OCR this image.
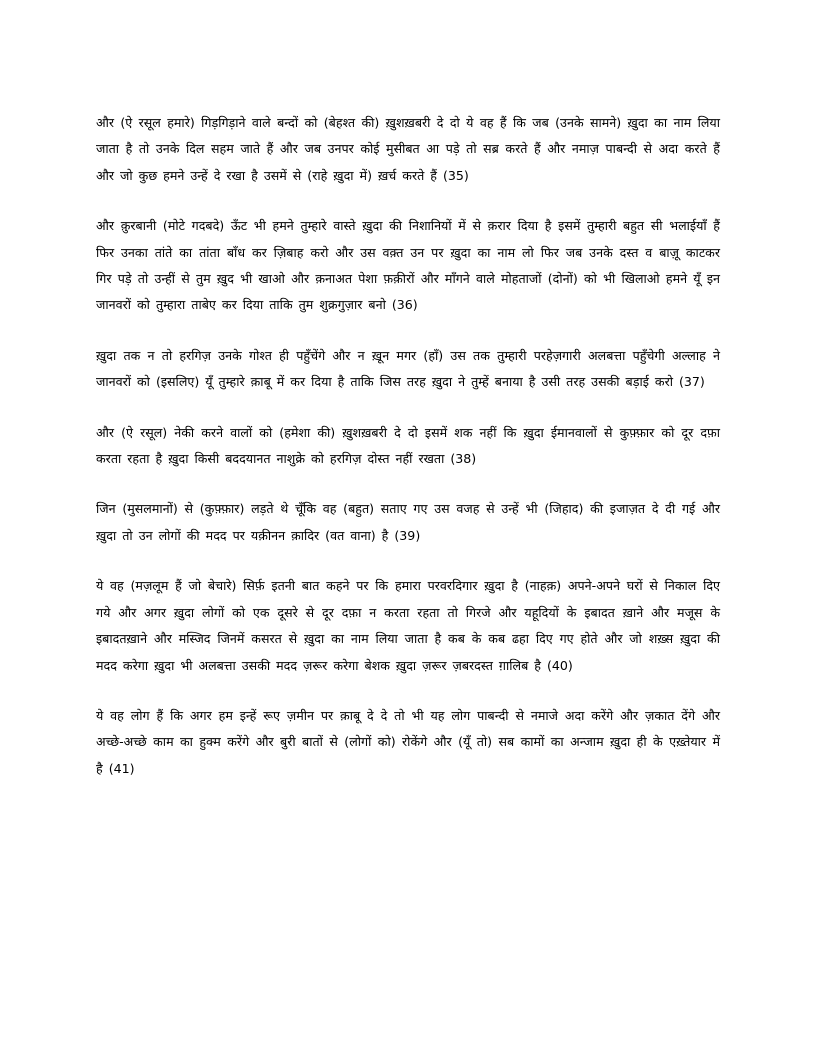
और (ऐ रसूल हमारे) गिड़गिड़ाने वाले बन्दों को (बेहश्त की) ख़ुशख़बरी दे दो ये वह हैं कि जब (उनके सामने) ख़ुदा का नाम लिया जाता है तो उनके दिल सहम जाते हैं और जब उनपर कोई मुसीबत आ पड़े तो सब्र करते हैं और नमाज़ पाबन्दी से अदा करते हैं और जो कुछ हमने उन्हें दे रखा है उसमें से (राहे ख़ुदा में) ख़र्च करते हैं (35)

और क़ुरबानी (मोटे गदबदे) ऊँट भी हमने तुम्हारे वास्ते ख़ुदा की निशानियों में से क़रार दिया है इसमें तुम्हारी बहुत सी भलाईयाँ हैं फिर उनका तांते का तांता बाँध कर ज़िबाह करो और उस वक़्त उन पर ख़ुदा का नाम लो फिर जब उनके दस्त व बाज़ू काटकर गिर पड़े तो उन्हीं से तुम ख़ुद भी खाओ और क़नाअत पेशा फ़क़ीरों और माँगने वाले मोहताजों (दोनों) को भी खिलाओ हमने यूँ इन जानवरों को तुम्हारा ताबेए कर दिया ताकि तुम शुक्रगुज़ार बनो (36)

ख़ुदा तक न तो हरगिज़ उनके गोश्त ही पहुँचेंगे और न ख़ून मगर (हाँ) उस तक तुम्हारी परहेज़गारी अलबत्ता पहुँचेगी अल्लाह ने जानवरों को (इसलिए) यूँ तुम्हारे क़ाबू में कर दिया है ताकि जिस तरह ख़ुदा ने तुम्हें बनाया है उसी तरह उसकी बड़ाई करो (37)

और (ऐ रसूल) नेकी करने वालों को (हमेशा की) ख़ुशख़बरी दे दो इसमें शक नहीं कि ख़ुदा ईमानवालों से कुफ़्फ़ार को दूर दफ़ा करता रहता है ख़ुदा किसी बददयानत नाशुक्रे को हरगिज़ दोस्त नहीं रखता (38)

जिन (मुसलमानों) से (कुफ़्फ़ार) लड़ते थे चूँकि वह (बहुत) सताए गए उस वजह से उन्हें भी (जिहाद) की इजाज़त दे दी गई और ख़ुदा तो उन लोगों की मदद पर यक़ीनन क़ादिर (वत वाना) है (39)

ये वह (मज़लूम हैं जो बेचारे) सिर्फ़ इतनी बात कहने पर कि हमारा परवरदिगार ख़ुदा है (नाहक़) अपने-अपने घरों से निकाल दिए गये और अगर ख़ुदा लोगों को एक दूसरे से दूर दफ़ा न करता रहता तो गिरजे और यहूदियों के इबादत ख़ाने और मजूस के इबादतख़ाने और मस्जिद जिनमें कसरत से ख़ुदा का नाम लिया जाता है कब के कब ढहा दिए गए होते और जो शख़्स ख़ुदा की मदद करेगा ख़ुदा भी अलबत्ता उसकी मदद ज़रूर करेगा बेशक ख़ुदा ज़रूर ज़बरदस्त ग़ालिब है (40)

ये वह लोग हैं कि अगर हम इन्हें रूए ज़मीन पर क़ाबू दे दे तो भी यह लोग पाबन्दी से नमाजे अदा करेंगे और ज़कात देंगे और अच्छे-अच्छे काम का हुक्म करेंगे और बुरी बातों से (लोगों को) रोकेंगे और (यूँ तो) सब कामों का अन्जाम ख़ुदा ही के एख़्तेयार में है (41)
